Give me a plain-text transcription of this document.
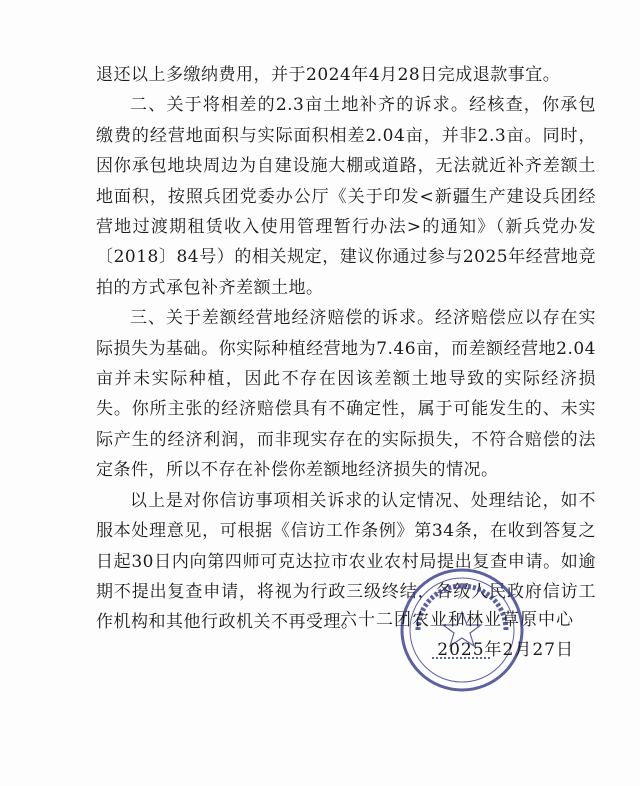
退还以上多缴纳费用，并于2024年4月28日完成退款事宜。

二、关于将相差的2.3亩土地补齐的诉求。经核查，你承包缴费的经营地面积与实际面积相差2.04亩，并非2.3亩。同时，因你承包地块周边为自建设施大棚或道路，无法就近补齐差额土地面积，按照兵团党委办公厅《关于印发<新疆生产建设兵团经营地过渡期租赁收入使用管理暂行办法>的通知》（新兵党办发〔2018〕84号）的相关规定，建议你通过参与2025年经营地竞拍的方式承包补齐差额土地。

三、关于差额经营地经济赔偿的诉求。经济赔偿应以存在实际损失为基础。你实际种植经营地为7.46亩，而差额经营地2.04亩并未实际种植，因此不存在因该差额土地导致的实际经济损失。你所主张的经济赔偿具有不确定性，属于可能发生的、未实际产生的经济利润，而非现实存在的实际损失，不符合赔偿的法定条件，所以不存在补偿你差额地经济损失的情况。

以上是对你信访事项相关诉求的认定情况、处理结论，如不服本处理意见，可根据《信访工作条例》第34条，在收到答复之日起30日内向第四师可克达拉市农业农村局提出复查申请。如逾期不提出复查申请，将视为行政三级终结，各级人民政府信访工作机构和其他行政机关不再受理。

六十二团农业和林业草原中心
2025年2月27日
